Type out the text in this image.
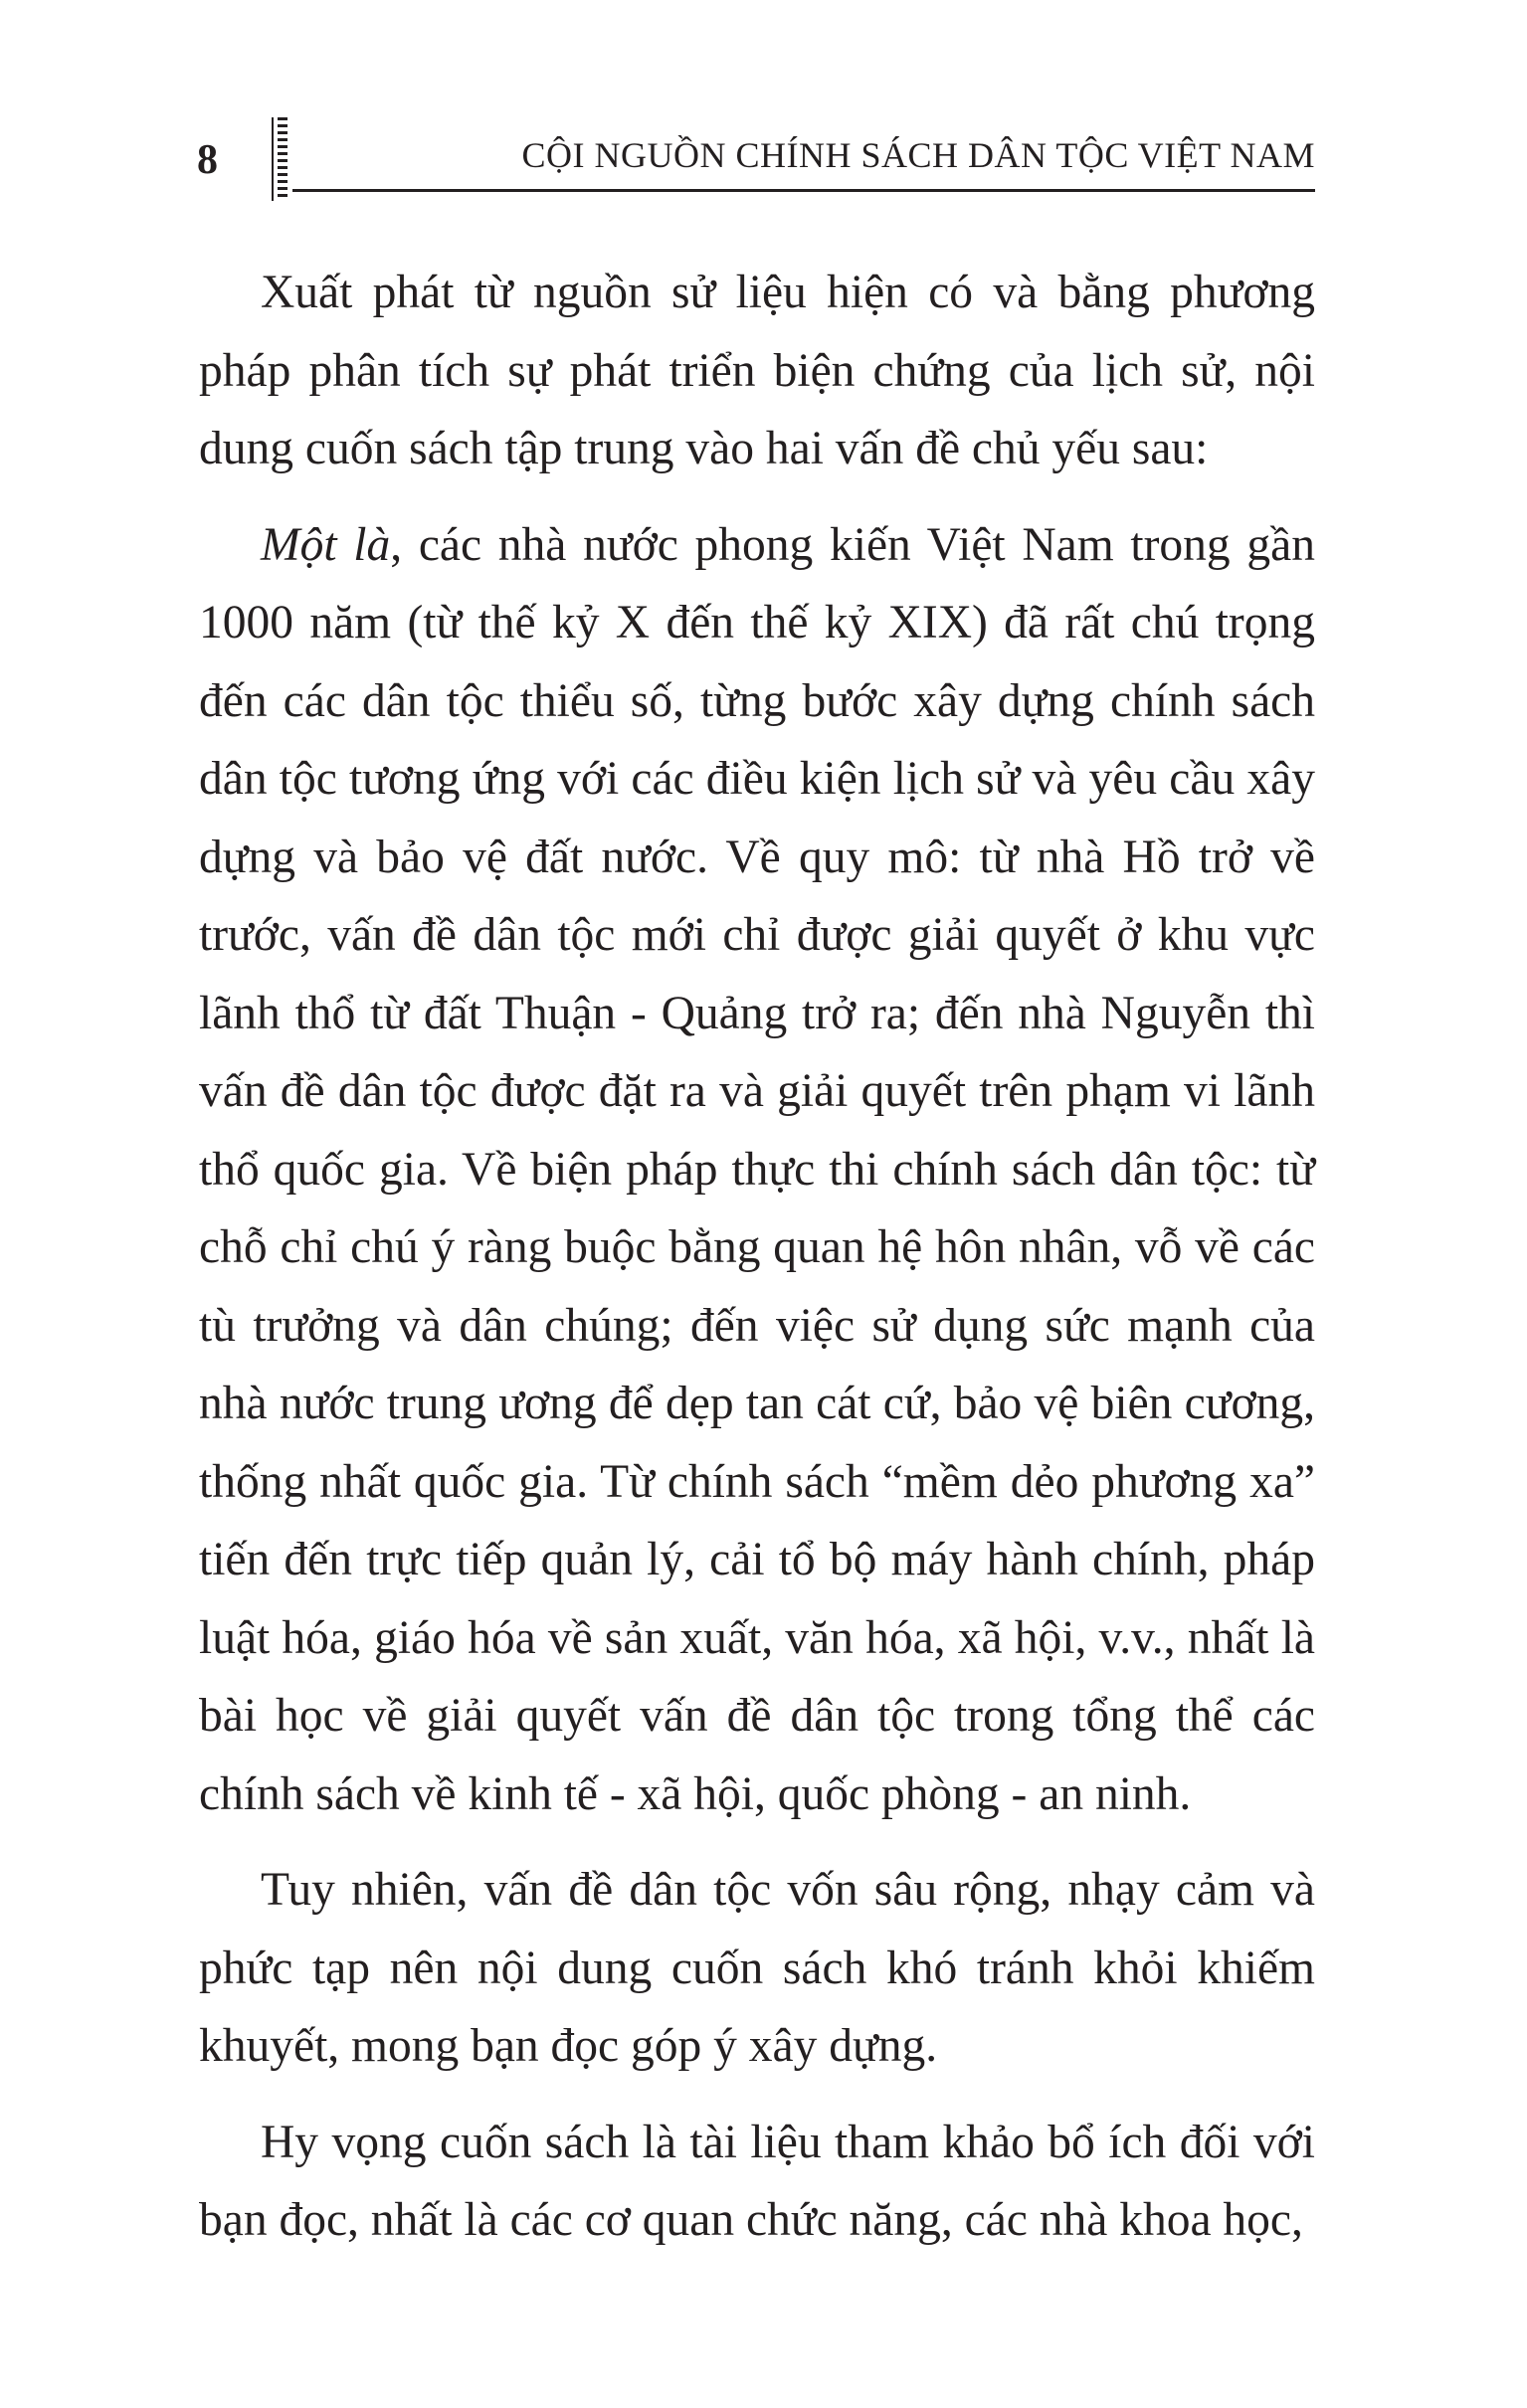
8	CỘI NGUỒN CHÍNH SÁCH DÂN TỘC VIỆT NAM

Xuất phát từ nguồn sử liệu hiện có và bằng phương pháp phân tích sự phát triển biện chứng của lịch sử, nội dung cuốn sách tập trung vào hai vấn đề chủ yếu sau:

Một là, các nhà nước phong kiến Việt Nam trong gần 1000 năm (từ thế kỷ X đến thế kỷ XIX) đã rất chú trọng đến các dân tộc thiểu số, từng bước xây dựng chính sách dân tộc tương ứng với các điều kiện lịch sử và yêu cầu xây dựng và bảo vệ đất nước. Về quy mô: từ nhà Hồ trở về trước, vấn đề dân tộc mới chỉ được giải quyết ở khu vực lãnh thổ từ đất Thuận - Quảng trở ra; đến nhà Nguyễn thì vấn đề dân tộc được đặt ra và giải quyết trên phạm vi lãnh thổ quốc gia. Về biện pháp thực thi chính sách dân tộc: từ chỗ chỉ chú ý ràng buộc bằng quan hệ hôn nhân, vỗ về các tù trưởng và dân chúng; đến việc sử dụng sức mạnh của nhà nước trung ương để dẹp tan cát cứ, bảo vệ biên cương, thống nhất quốc gia. Từ chính sách “mềm dẻo phương xa” tiến đến trực tiếp quản lý, cải tổ bộ máy hành chính, pháp luật hóa, giáo hóa về sản xuất, văn hóa, xã hội, v.v., nhất là bài học về giải quyết vấn đề dân tộc trong tổng thể các chính sách về kinh tế - xã hội, quốc phòng - an ninh.

Tuy nhiên, vấn đề dân tộc vốn sâu rộng, nhạy cảm và phức tạp nên nội dung cuốn sách khó tránh khỏi khiếm khuyết, mong bạn đọc góp ý xây dựng.

Hy vọng cuốn sách là tài liệu tham khảo bổ ích đối với bạn đọc, nhất là các cơ quan chức năng, các nhà khoa học,
